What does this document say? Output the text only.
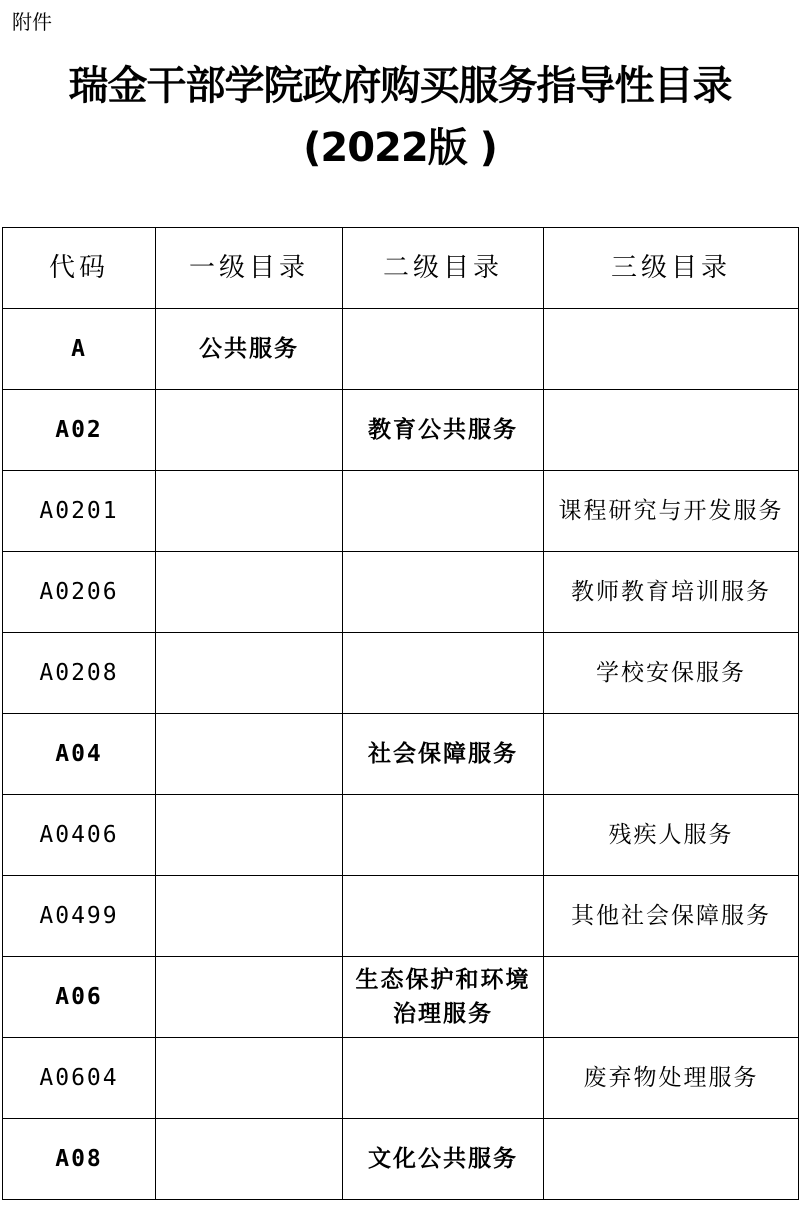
附件
瑞金干部学院政府购买服务指导性目录
(2022版 )
代码	一级目录	二级目录	三级目录
A	公共服务		
A02		教育公共服务	
A0201			课程研究与开发服务
A0206			教师教育培训服务
A0208			学校安保服务
A04		社会保障服务	
A0406			残疾人服务
A0499			其他社会保障服务
A06		生态保护和环境治理服务	
A0604			废弃物处理服务
A08		文化公共服务	
